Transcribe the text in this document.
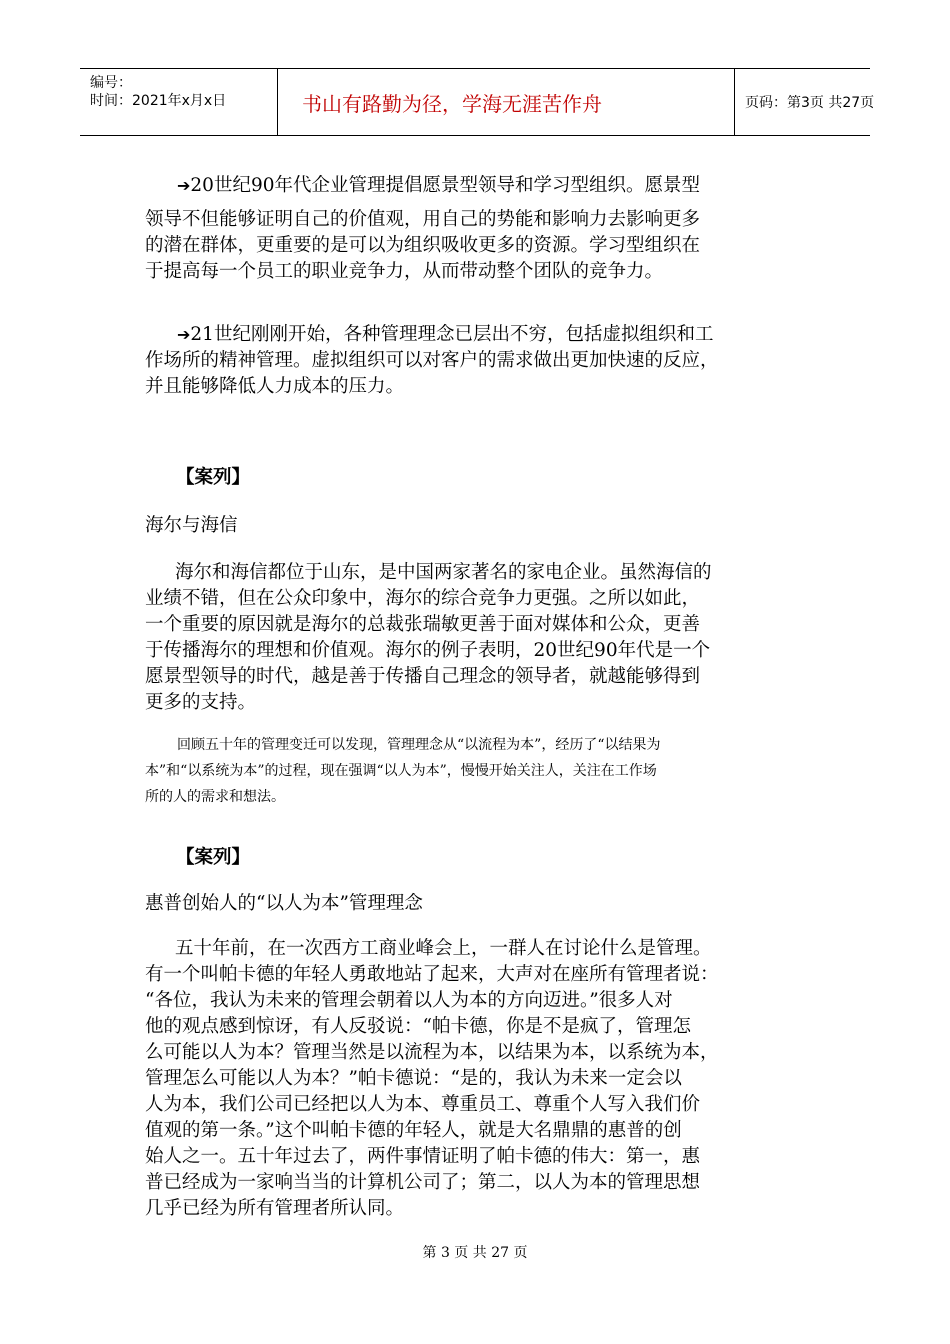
编号：
时间：2021年x月x日	书山有路勤为径，学海无涯苦作舟	页码：第3页 共27页
➔20世纪90年代企业管理提倡愿景型领导和学习型组织。愿景型
领导不但能够证明自己的价值观，用自己的势能和影响力去影响更多
的潜在群体，更重要的是可以为组织吸收更多的资源。学习型组织在
于提高每一个员工的职业竞争力，从而带动整个团队的竞争力。
➔21世纪刚刚开始，各种管理理念已层出不穷，包括虚拟组织和工
作场所的精神管理。虚拟组织可以对客户的需求做出更加快速的反应，
并且能够降低人力成本的压力。
【案列】
海尔与海信
海尔和海信都位于山东，是中国两家著名的家电企业。虽然海信的
业绩不错，但在公众印象中，海尔的综合竞争力更强。之所以如此，
一个重要的原因就是海尔的总裁张瑞敏更善于面对媒体和公众，更善
于传播海尔的理想和价值观。海尔的例子表明，20世纪90年代是一个
愿景型领导的时代，越是善于传播自己理念的领导者，就越能够得到
更多的支持。
回顾五十年的管理变迁可以发现，管理理念从“以流程为本”，经历了“以结果为
本”和“以系统为本”的过程，现在强调“以人为本”，慢慢开始关注人，关注在工作场
所的人的需求和想法。
【案列】
惠普创始人的“以人为本”管理理念
五十年前，在一次西方工商业峰会上，一群人在讨论什么是管理。
有一个叫帕卡德的年轻人勇敢地站了起来，大声对在座所有管理者说：
“各位，我认为未来的管理会朝着以人为本的方向迈进。”很多人对
他的观点感到惊讶，有人反驳说：“帕卡德，你是不是疯了，管理怎
么可能以人为本？管理当然是以流程为本，以结果为本，以系统为本，
管理怎么可能以人为本？”帕卡德说：“是的，我认为未来一定会以
人为本，我们公司已经把以人为本、尊重员工、尊重个人写入我们价
值观的第一条。”这个叫帕卡德的年轻人，就是大名鼎鼎的惠普的创
始人之一。五十年过去了，两件事情证明了帕卡德的伟大：第一，惠
普已经成为一家响当当的计算机公司了；第二，以人为本的管理思想
几乎已经为所有管理者所认同。
第 3 页 共 27 页
